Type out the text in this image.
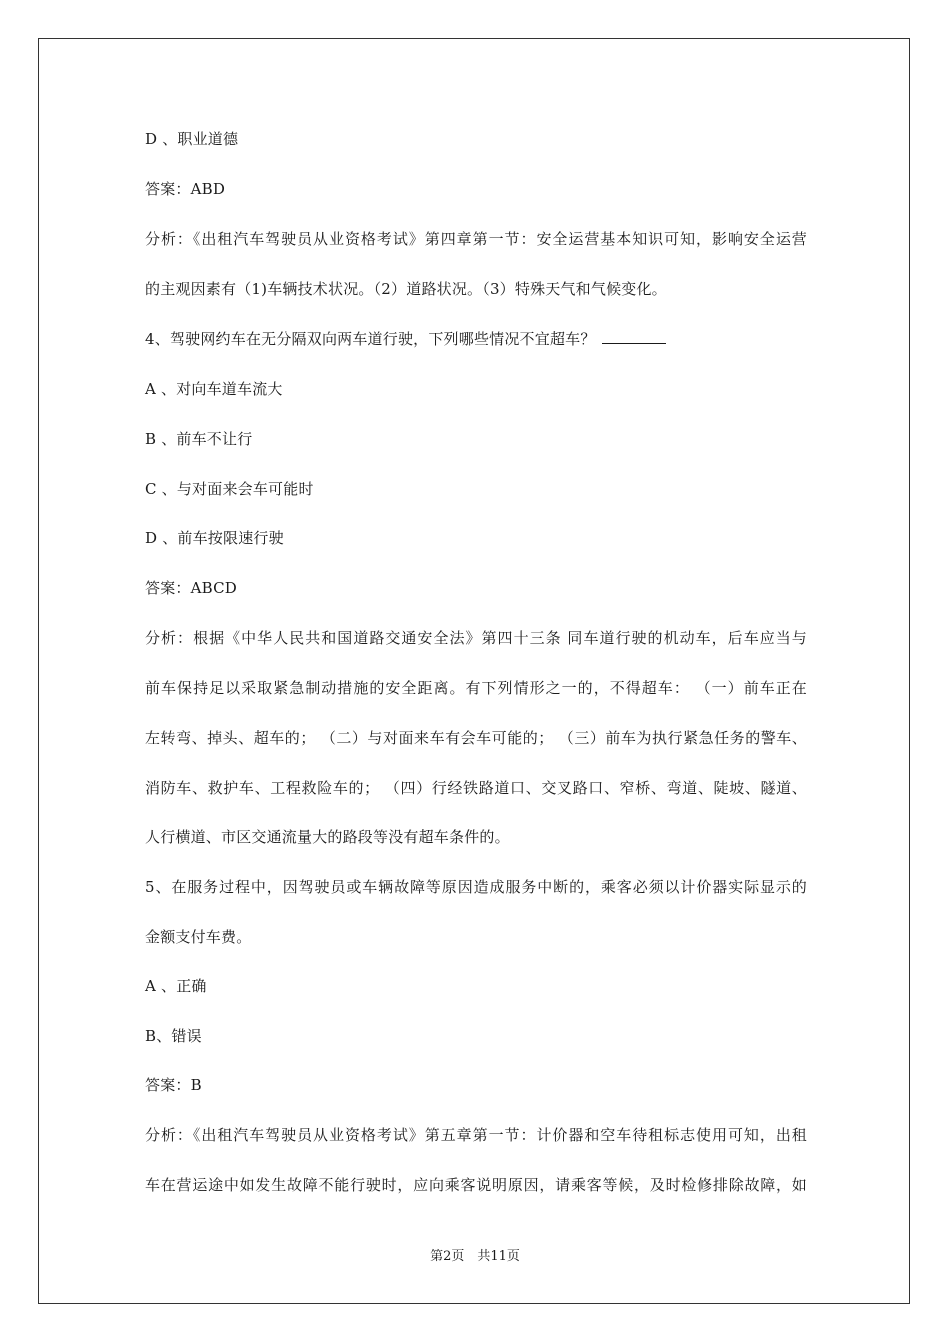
D 、职业道德
答案：ABD
分析：《出租汽车驾驶员从业资格考试》第四章第一节：安全运营基本知识可知，影响安全运营
的主观因素有（1)车辆技术状况。（2）道路状况。（3）特殊天气和气候变化。
4、驾驶网约车在无分隔双向两车道行驶，下列哪些情况不宜超车？
A 、对向车道车流大
B 、前车不让行
C 、与对面来会车可能时
D 、前车按限速行驶
答案：ABCD
分析：根据《中华人民共和国道路交通安全法》第四十三条 同车道行驶的机动车，后车应当与
前车保持足以采取紧急制动措施的安全距离。有下列情形之一的，不得超车： （一）前车正在
左转弯、掉头、超车的； （二）与对面来车有会车可能的； （三）前车为执行紧急任务的警车、
消防车、救护车、工程救险车的； （四）行经铁路道口、交叉路口、窄桥、弯道、陡坡、隧道、
人行横道、市区交通流量大的路段等没有超车条件的。
5、在服务过程中，因驾驶员或车辆故障等原因造成服务中断的，乘客必须以计价器实际显示的
金额支付车费。
A 、正确
B、错误
答案：B
分析：《出租汽车驾驶员从业资格考试》第五章第一节：计价器和空车待租标志使用可知，出租
车在营运途中如发生故障不能行驶时，应向乘客说明原因，请乘客等候，及时检修排除故障，如
第2页　共11页
